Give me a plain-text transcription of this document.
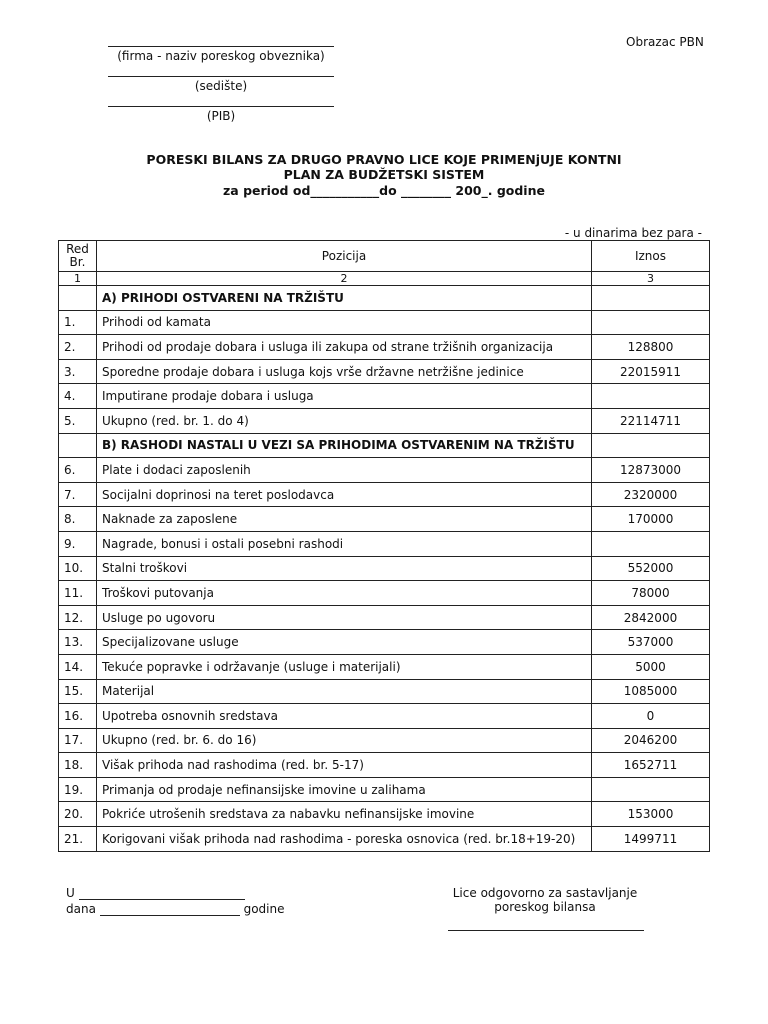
Obrazac PBN
(firma - naziv poreskog obveznika)
(sedište)
(PIB)
PORESKI BILANS ZA DRUGO PRAVNO LICE KOJE PRIMENjUJE KONTNI
PLAN ZA BUDŽETSKI SISTEM
za period od___________do ________ 200_. godine
- u dinarima bez para -
Red Br.	Pozicija	Iznos
1	2	3
	A) PRIHODI OSTVARENI NA TRŽIŠTU	
1.	Prihodi od kamata	
2.	Prihodi od prodaje dobara i usluga ili zakupa od strane tržišnih organizacija	128800
3.	Sporedne prodaje dobara i usluga kojs vrše državne netržišne jedinice	22015911
4.	Imputirane prodaje dobara i usluga	
5.	Ukupno (red. br. 1. do 4)	22114711
	B) RASHODI NASTALI U VEZI SA PRIHODIMA OSTVARENIM NA TRŽIŠTU	
6.	Plate i dodaci zaposlenih	12873000
7.	Socijalni doprinosi na teret poslodavca	2320000
8.	Naknade za zaposlene	170000
9.	Nagrade, bonusi i ostali posebni rashodi	
10.	Stalni troškovi	552000
11.	Troškovi putovanja	78000
12.	Usluge po ugovoru	2842000
13.	Specijalizovane usluge	537000
14.	Tekuće popravke i održavanje (usluge i materijali)	5000
15.	Materijal	1085000
16.	Upotreba osnovnih sredstava	0
17.	Ukupno (red. br. 6. do 16)	2046200
18.	Višak prihoda nad rashodima (red. br. 5-17)	1652711
19.	Primanja od prodaje nefinansijske imovine u zalihama	
20.	Pokriće utrošenih sredstava za nabavku nefinansijske imovine	153000
21.	Korigovani višak prihoda nad rashodima - poreska osnovica (red. br.18+19-20)	1499711
U
dana	godine
Lice odgovorno za sastavljanje
poreskog bilansa
